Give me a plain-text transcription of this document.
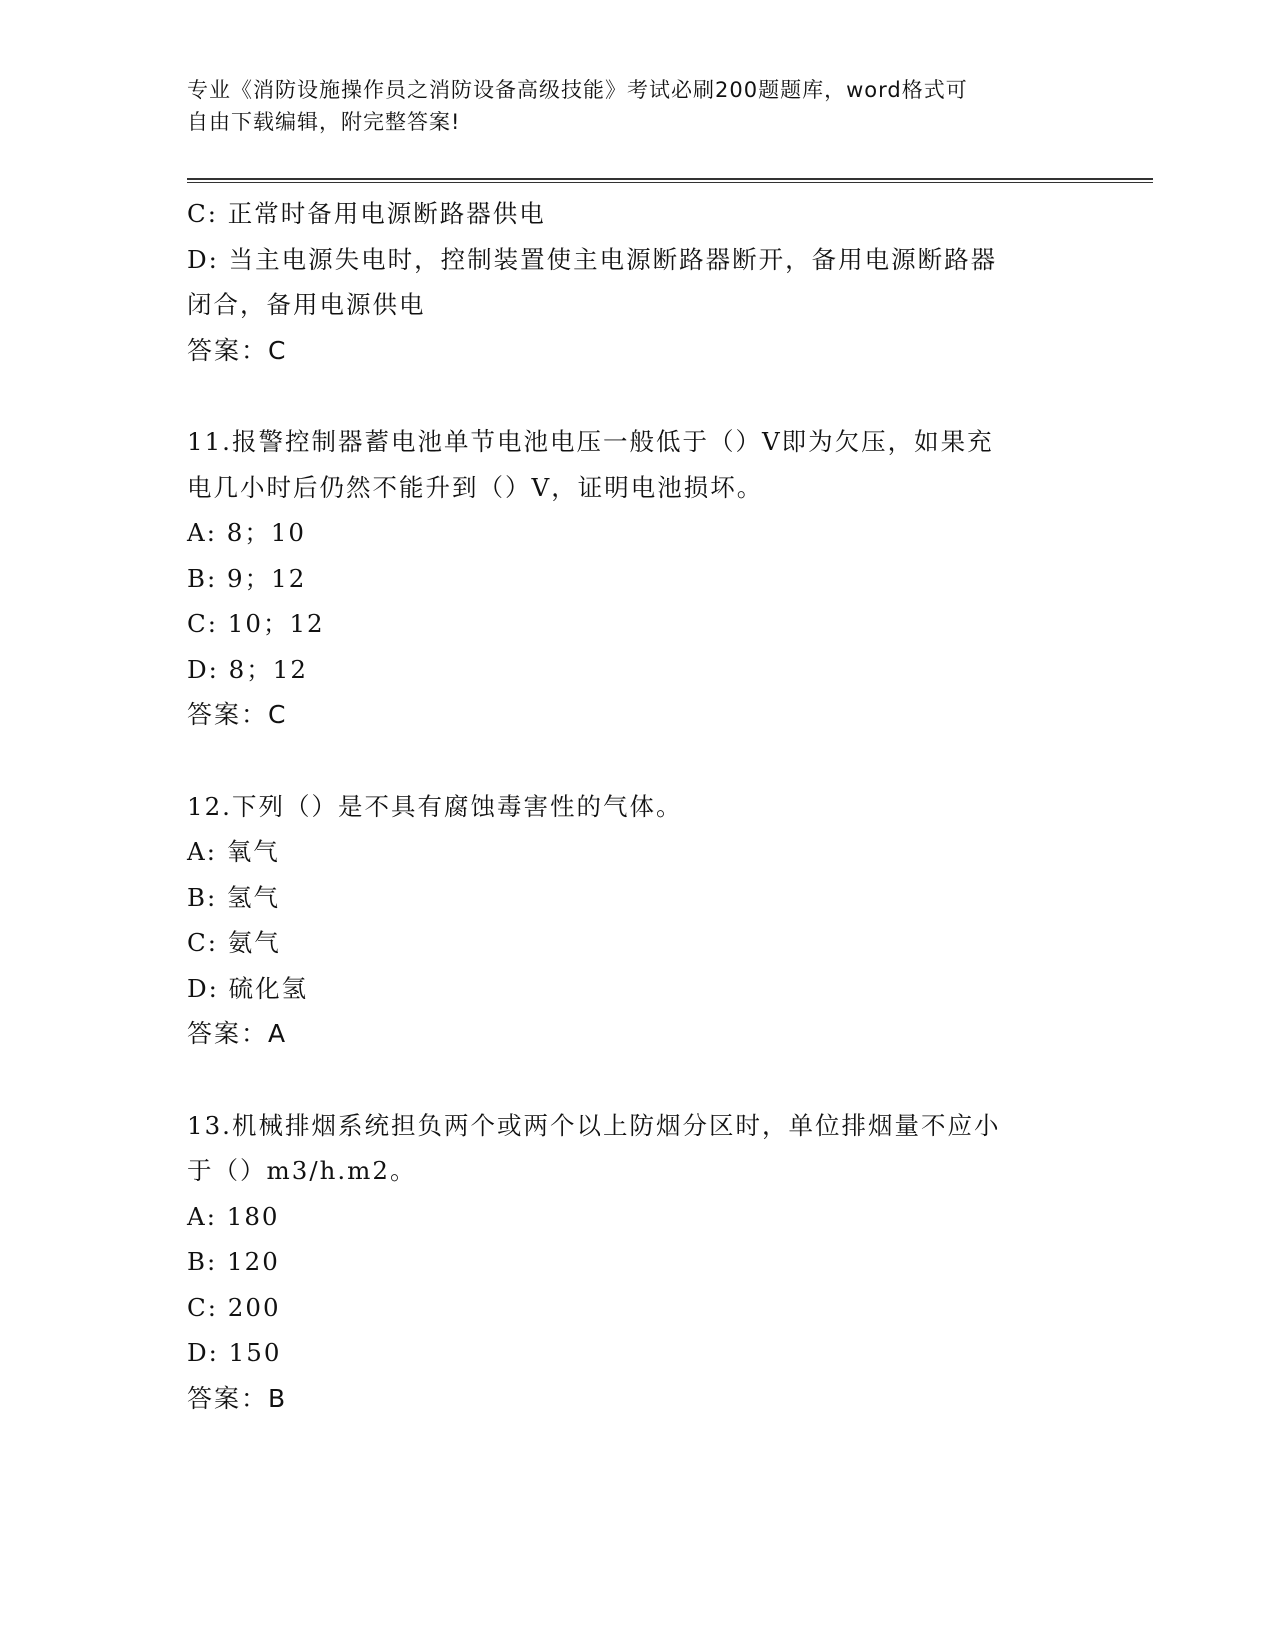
专业《消防设施操作员之消防设备高级技能》考试必刷200题题库，word格式可
自由下载编辑，附完整答案!
C: 正常时备用电源断路器供电
D: 当主电源失电时，控制装置使主电源断路器断开，备用电源断路器
闭合，备用电源供电
答案：C
11.报警控制器蓄电池单节电池电压一般低于（）V即为欠压，如果充
电几小时后仍然不能升到（）V，证明电池损坏。
A: 8；10
B: 9；12
C: 10；12
D: 8；12
答案：C
12.下列（）是不具有腐蚀毒害性的气体。
A: 氧气
B: 氢气
C: 氨气
D: 硫化氢
答案：A
13.机械排烟系统担负两个或两个以上防烟分区时，单位排烟量不应小
于（）m3/h.m2。
A: 180
B: 120
C: 200
D: 150
答案：B
